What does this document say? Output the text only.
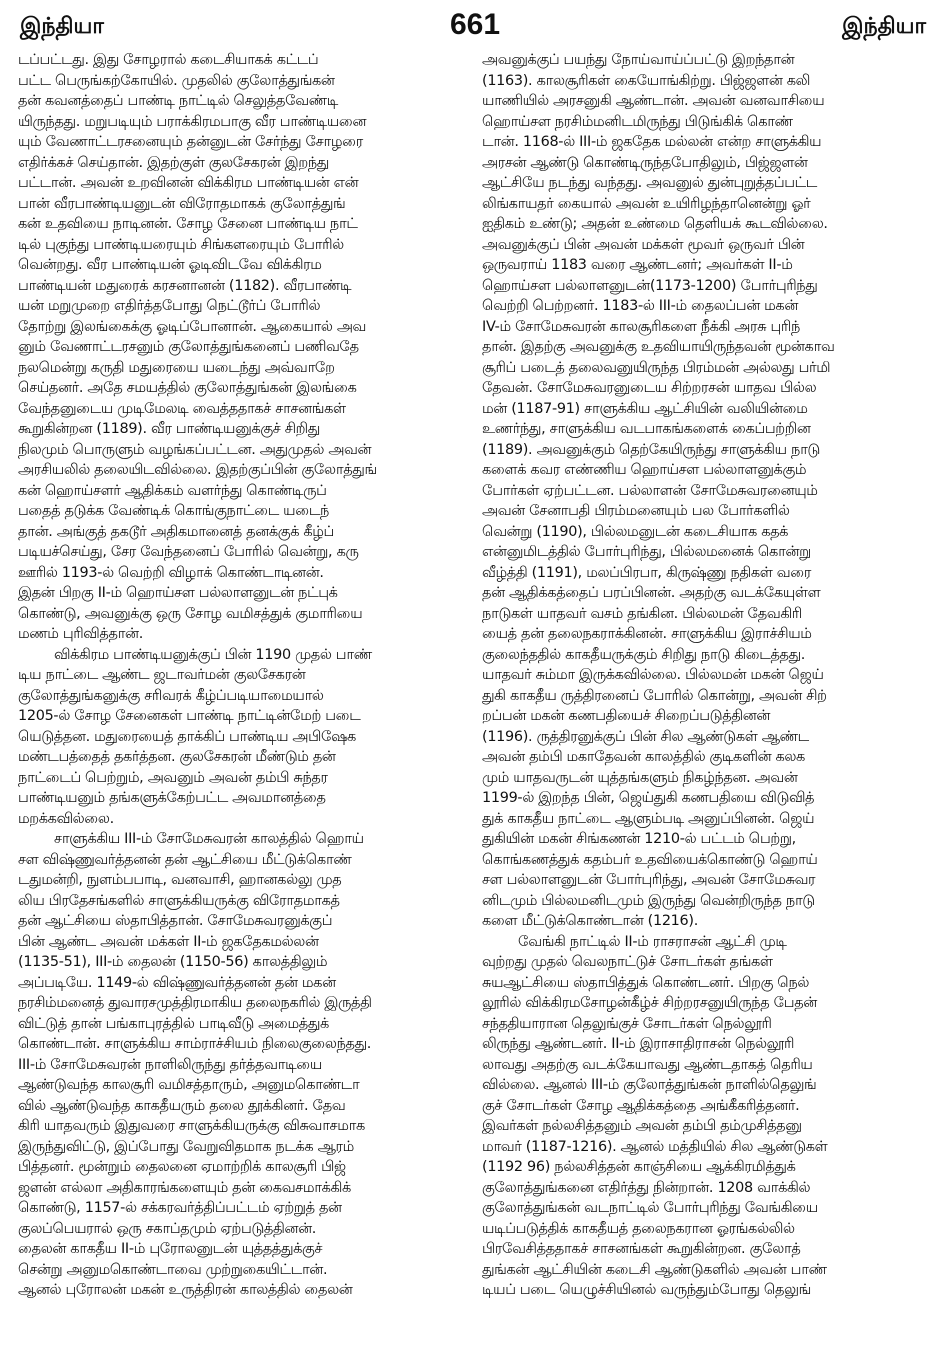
இந்தியா	661	இந்தியா
டப்பட்டது. இது சோழரால் கடைசியாகக் கட்டப்
பட்ட பெருங்கற்கோயில். முதலில் குலோத்துங்கன்
தன் கவனத்தைப் பாண்டி நாட்டில் செலுத்தவேண்டி
யிருந்தது. மறுபடியும் பராக்கிரமபாகு வீர பாண்டியனை
யும் வேணாட்டரசனையும் தன்னுடன் சேர்ந்து சோழரை
எதிர்க்கச் செய்தான். இதற்குள் குலசேகரன் இறந்து
பட்டான். அவன் உறவினன் விக்கிரம பாண்டியன் என்
பான் வீரபாண்டியனுடன் விரோதமாகக் குலோத்துங்
கன் உதவியை நாடினன். சோழ சேனை பாண்டிய நாட்
டில் புகுந்து பாண்டியரையும் சிங்களரையும் போரில்
வென்றது. வீர பாண்டியன் ஓடிவிடவே விக்கிரம
பாண்டியன் மதுரைக் கரசனானன் (1182). வீரபாண்டி
யன் மறுமுறை எதிர்த்தபோது நெட்டூர்ப் போரில்
தோற்று இலங்கைக்கு ஓடிப்போனான். ஆகையால் அவ
னும் வேணாட்டரசனும் குலோத்துங்கனைப் பணிவதே
நலமென்று கருதி மதுரையை யடைந்து அவ்வாறே
செய்தனர். அதே சமயத்தில் குலோத்துங்கன் இலங்கை
வேந்தனுடைய முடிமேலடி வைத்ததாகச் சாசனங்கள்
கூறுகின்றன (1189). வீர பாண்டியனுக்குச் சிறிது
நிலமும் பொருளும் வழங்கப்பட்டன. அதுமுதல் அவன்
அரசியலில் தலையிடவில்லை. இதற்குப்பின் குலோத்துங்
கன் ஹொய்சளர் ஆதிக்கம் வளர்ந்து கொண்டிருப்
பதைத் தடுக்க வேண்டிக் கொங்குநாட்டை யடைந்
தான். அங்குத் தகடூர் அதிகமானைத் தனக்குக் கீழ்ப்
படியச்செய்து, சேர வேந்தனைப் போரில் வென்று, கரு
ஊரில் 1193-ல் வெற்றி விழாக் கொண்டாடினன்.
இதன் பிறகு II-ம் ஹொய்சள பல்லாளனுடன் நட்புக்
கொண்டு, அவனுக்கு ஒரு சோழ வமிசத்துக் குமாரியை
மணம் புரிவித்தான்.
விக்கிரம பாண்டியனுக்குப் பின் 1190 முதல் பாண்
டிய நாட்டை ஆண்ட ஜடாவர்மன் குலசேகரன்
குலோத்துங்கனுக்கு சரிவரக் கீழ்ப்படியாமையால்
1205-ல் சோழ சேனைகள் பாண்டி நாட்டின்மேற் படை
யெடுத்தன. மதுரையைத் தாக்கிப் பாண்டிய அபிஷேக
மண்டபத்தைத் தகர்த்தன. குலசேகரன் மீண்டும் தன்
நாட்டைப் பெற்றும், அவனும் அவன் தம்பி சுந்தர
பாண்டியனும் தங்களுக்கேற்பட்ட அவமானத்தை
மறக்கவில்லை.
சாளுக்கிய III-ம் சோமேசுவரன் காலத்தில் ஹொய்
சள விஷ்ணுவர்த்தனன் தன் ஆட்சியை மீட்டுக்கொண்
டதுமன்றி, நுளம்பபாடி, வனவாசி, ஹானகல்லு முத
லிய பிரதேசங்களில் சாளுக்கியருக்கு விரோதமாகத்
தன் ஆட்சியை ஸ்தாபித்தான். சோமேசுவரனுக்குப்
பின் ஆண்ட அவன் மக்கள் II-ம் ஜகதேகமல்லன்
(1135-51), III-ம் தைலன் (1150-56) காலத்திலும்
அப்படியே. 1149-ல் விஷ்ணுவர்த்தனன் தன் மகன்
நரசிம்மனைத் துவாரசமுத்திரமாகிய தலைநகரில் இருத்தி
விட்டுத் தான் பங்காபுரத்தில் பாடிவீடு அமைத்துக்
கொண்டான். சாளுக்கிய சாம்ராச்சியம் நிலைகுலைந்தது.
III-ம் சோமேசுவரன் நாளிலிருந்து தர்த்தவாடியை
ஆண்டுவந்த காலசூரி வமிசத்தாரும், அனுமகொண்டா
வில் ஆண்டுவந்த காகதீயரும் தலை தூக்கினர். தேவ
கிரி யாதவரும் இதுவரை சாளுக்கியருக்கு விசுவாசமாக
இருந்துவிட்டு, இப்போது வேறுவிதமாக நடக்க ஆரம்
பித்தனர். மூன்றும் தைலனை ஏமாற்றிக் காலசூரி பிஜ்
ஜளன் எல்லா அதிகாரங்களையும் தன் கைவசமாக்கிக்
கொண்டு, 1157-ல் சக்கரவர்த்திப்பட்டம் ஏற்றுத் தன்
குலப்பெயரால் ஒரு சகாப்தமும் ஏற்படுத்தினன்.
தைலன் காகதீய II-ம் புரோலனுடன் யுத்தத்துக்குச்
சென்று அனுமகொண்டாவை முற்றுகையிட்டான்.
ஆனல் புரோலன் மகன் உருத்திரன் காலத்தில் தைலன்
அவனுக்குப் பயந்து நோய்வாய்ப்பட்டு இறந்தான்
(1163). காலசூரிகள் கையோங்கிற்று. பிஜ்ஜளன் கலி
யாணியில் அரசனுகி ஆண்டான். அவன் வனவாசியை
ஹொய்சள நரசிம்மனிடமிருந்து பிடுங்கிக் கொண்
டான். 1168-ல் III-ம் ஜகதேக மல்லன் என்ற சாளுக்கிய
அரசன் ஆண்டு கொண்டிருந்தபோதிலும், பிஜ்ஜளன்
ஆட்சியே நடந்து வந்தது. அவனுல் துன்புறுத்தப்பட்ட
லிங்காயதர் கையால் அவன் உயிரிழந்தானென்று ஓர்
ஐதிகம் உண்டு; அதன் உண்மை தெளியக் கூடவில்லை.
அவனுக்குப் பின் அவன் மக்கள் மூவர் ஒருவர் பின்
ஒருவராய் 1183 வரை ஆண்டனர்; அவர்கள் II-ம்
ஹொய்சள பல்லாளனுடன்(1173-1200) போர்புரிந்து
வெற்றி பெற்றனர். 1183-ல் III-ம் தைலப்பன் மகன்
IV-ம் சோமேசுவரன் காலசூரிகளை நீக்கி அரசு புரிந்
தான். இதற்கு அவனுக்கு உதவியாயிருந்தவன் மூன்காவ
சூரிப் படைத் தலைவனுயிருந்த பிரம்மன் அல்லது பர்மி
தேவன். சோமேசுவரனுடைய சிற்றரசன் யாதவ பில்ல
மன் (1187-91) சாளுக்கிய ஆட்சியின் வலியின்மை
உணர்ந்து, சாளுக்கிய வடபாகங்களைக் கைப்பற்றின
(1189). அவனுக்கும் தெற்கேயிருந்து சாளுக்கிய நாடு
களைக் கவர எண்ணிய ஹொய்சள பல்லாளனுக்கும்
போர்கள் ஏற்பட்டன. பல்லாளன் சோமேசுவரனையும்
அவன் சேனாபதி பிரம்மனையும் பல போர்களில்
வென்று (1190), பில்லமனுடன் கடைசியாக கதக்
என்னுமிடத்தில் போர்புரிந்து, பில்லமனைக் கொன்று
வீழ்த்தி (1191), மலப்பிரபா, கிருஷ்ணு நதிகள் வரை
தன் ஆதிக்கத்தைப் பரப்பினன். அதற்கு வடக்கேயுள்ள
நாடுகள் யாதவர் வசம் தங்கின. பில்லமன் தேவகிரி
யைத் தன் தலைநகராக்கினன். சாளுக்கிய இராச்சியம்
குலைந்ததில் காகதீயருக்கும் சிறிது நாடு கிடைத்தது.
யாதவர் சும்மா இருக்கவில்லை. பில்லமன் மகன் ஜெய்
துகி காகதீய ருத்திரனைப் போரில் கொன்று, அவன் சிற்
றப்பன் மகன் கணபதியைச் சிறைப்படுத்தினன்
(1196). ருத்திரனுக்குப் பின் சில ஆண்டுகள் ஆண்ட
அவன் தம்பி மகாதேவன் காலத்தில் குடிகளின் கலக
மும் யாதவருடன் யுத்தங்களும் நிகழ்ந்தன. அவன்
1199-ல் இறந்த பின், ஜெய்துகி கணபதியை விடுவித்
துக் காகதீய நாட்டை ஆளும்படி அனுப்பினன். ஜெய்
துகியின் மகன் சிங்கணன் 1210-ல் பட்டம் பெற்று,
கொங்கணத்துக் கதம்பர் உதவியைக்கொண்டு ஹொய்
சள பல்லாளனுடன் போர்புரிந்து, அவன் சோமேசுவர
னிடமும் பில்லமனிடமும் இருந்து வென்றிருந்த நாடு
களை மீட்டுக்கொண்டான் (1216).
வேங்கி நாட்டில் II-ம் ராசராசன் ஆட்சி முடி
வுற்றது முதல் வெலநாட்டுச் சோடர்கள் தங்கள்
சுயஆட்சியை ஸ்தாபித்துக் கொண்டனர். பிறகு நெல்
லூரில் விக்கிரமசோழன்கீழ்ச் சிற்றரசனுயிருந்த பேதன்
சந்ததியாரான தெலுங்குச் சோடர்கள் நெல்லூரி
லிருந்து ஆண்டனர். II-ம் இராசாதிராசன் நெல்லூரி
லாவது அதற்கு வடக்கேயாவது ஆண்டதாகத் தெரிய
வில்லை. ஆனல் III-ம் குலோத்துங்கன் நாளில்தெலுங்
குச் சோடர்கள் சோழ ஆதிக்கத்தை அங்கீகரித்தனர்.
இவர்கள் நல்லசித்தனும் அவன் தம்பி தம்முசித்தனு
மாவர் (1187-1216). ஆனல் மத்தியில் சில ஆண்டுகள்
(1192 96) நல்லசித்தன் காஞ்சியை ஆக்கிரமித்துக்
குலோத்துங்கனை எதிர்த்து நின்றான். 1208 வாக்கில்
குலோத்துங்கன் வடநாட்டில் போர்புரிந்து வேங்கியை
யடிப்படுத்திக் காகதீயத் தலைநகரான ஓரங்கல்லில்
பிரவேசித்ததாகச் சாசனங்கள் கூறுகின்றன. குலோத்
துங்கன் ஆட்சியின் கடைசி ஆண்டுகளில் அவன் பாண்
டியப் படை யெழுச்சியினல் வருந்தும்போது தெலுங்
